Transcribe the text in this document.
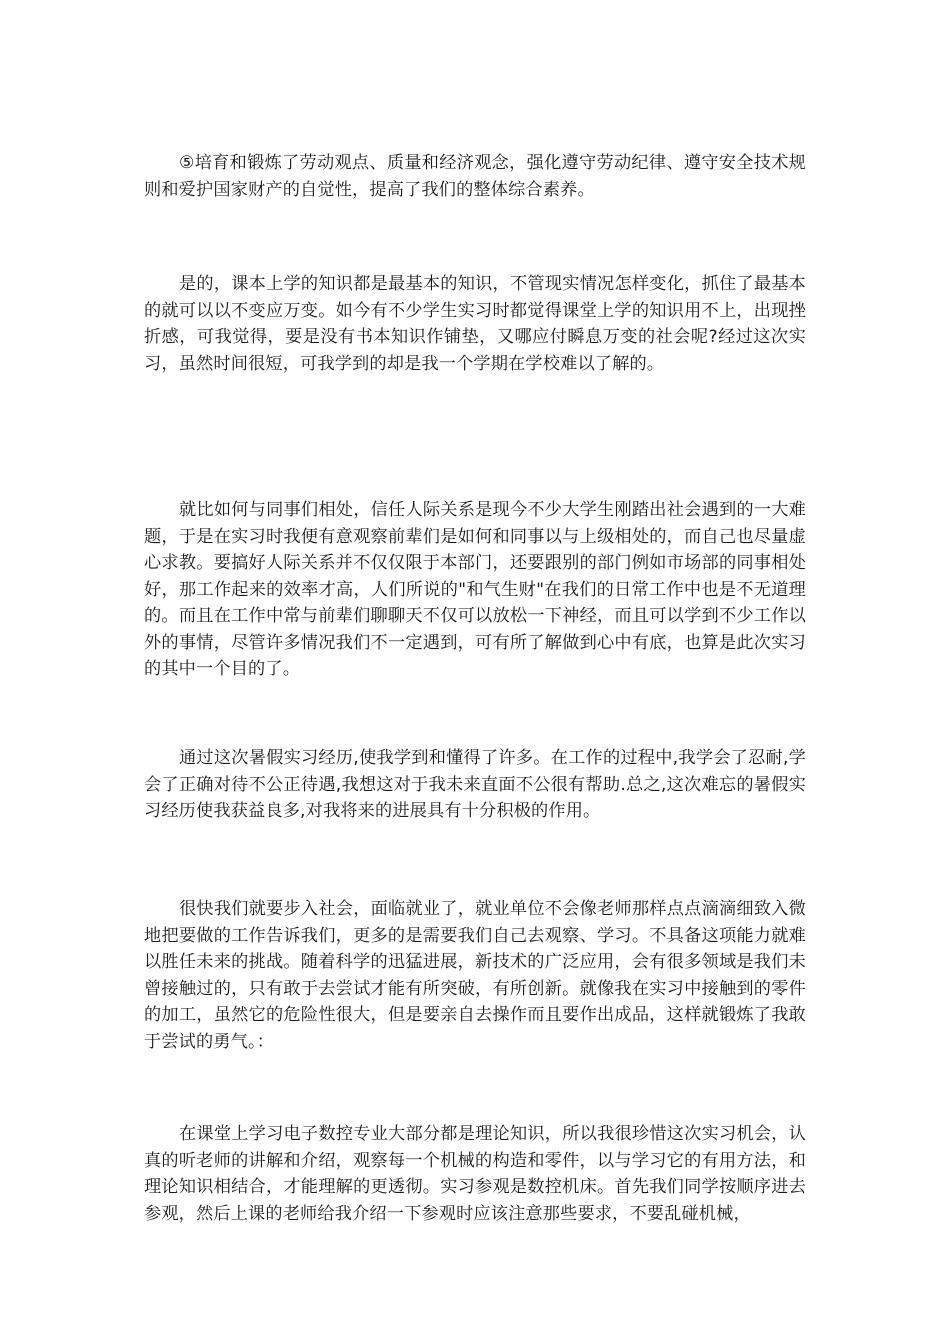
⑤培育和锻炼了劳动观点、质量和经济观念，强化遵守劳动纪律、遵守安全技术规则和爱护国家财产的自觉性，提高了我们的整体综合素养。

是的，课本上学的知识都是最基本的知识，不管现实情况怎样变化，抓住了最基本的就可以以不变应万变。如今有不少学生实习时都觉得课堂上学的知识用不上，出现挫折感，可我觉得，要是没有书本知识作铺垫，又哪应付瞬息万变的社会呢?经过这次实习，虽然时间很短，可我学到的却是我一个学期在学校难以了解的。

就比如何与同事们相处，信任人际关系是现今不少大学生刚踏出社会遇到的一大难题，于是在实习时我便有意观察前辈们是如何和同事以与上级相处的，而自己也尽量虚心求教。要搞好人际关系并不仅仅限于本部门，还要跟别的部门例如市场部的同事相处好，那工作起来的效率才高，人们所说的"和气生财"在我们的日常工作中也是不无道理的。而且在工作中常与前辈们聊聊天不仅可以放松一下神经，而且可以学到不少工作以外的事情，尽管许多情况我们不一定遇到，可有所了解做到心中有底，也算是此次实习的其中一个目的了。

通过这次暑假实习经历,使我学到和懂得了许多。在工作的过程中,我学会了忍耐,学会了正确对待不公正待遇,我想这对于我未来直面不公很有帮助.总之,这次难忘的暑假实习经历使我获益良多,对我将来的进展具有十分积极的作用。

很快我们就要步入社会，面临就业了，就业单位不会像老师那样点点滴滴细致入微地把要做的工作告诉我们，更多的是需要我们自己去观察、学习。不具备这项能力就难以胜任未来的挑战。随着科学的迅猛进展，新技术的广泛应用，会有很多领域是我们未曾接触过的，只有敢于去尝试才能有所突破，有所创新。就像我在实习中接触到的零件的加工，虽然它的危险性很大，但是要亲自去操作而且要作出成品，这样就锻炼了我敢于尝试的勇气。：

在课堂上学习电子数控专业大部分都是理论知识，所以我很珍惜这次实习机会，认真的听老师的讲解和介绍，观察每一个机械的构造和零件，以与学习它的有用方法，和理论知识相结合，才能理解的更透彻。实习参观是数控机床。首先我们同学按顺序进去参观，然后上课的老师给我介绍一下参观时应该注意那些要求，不要乱碰机械，
